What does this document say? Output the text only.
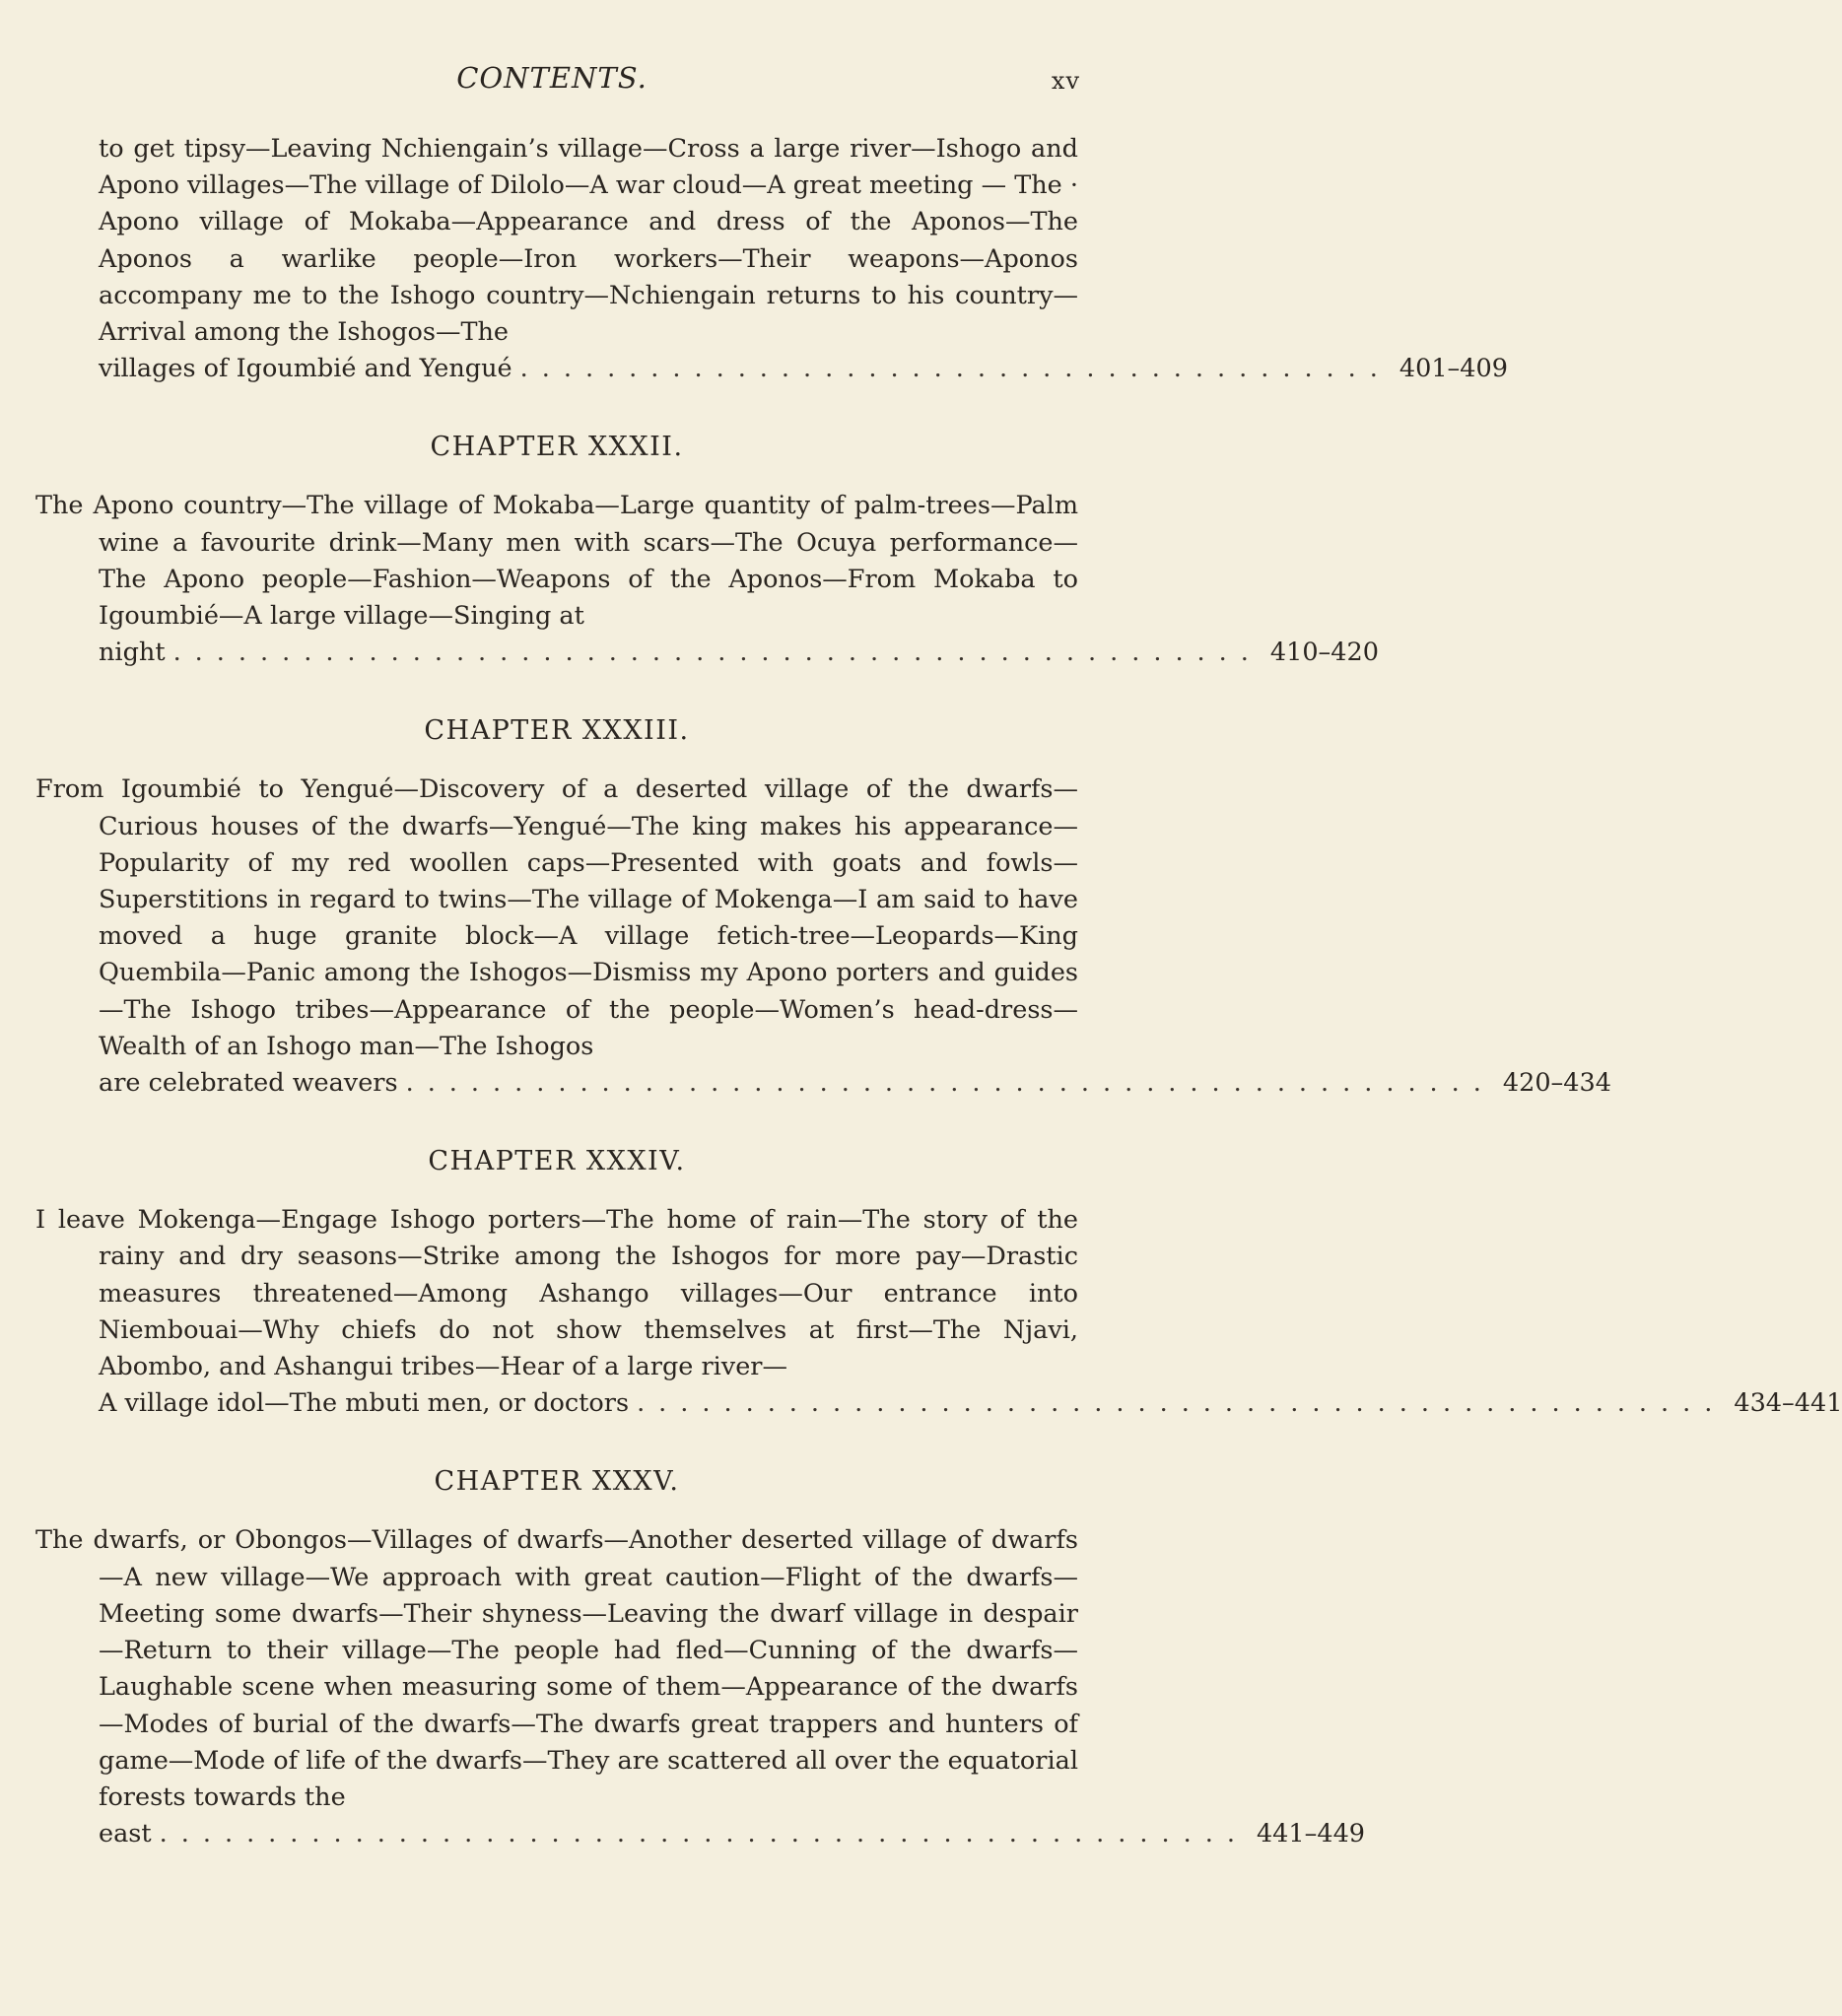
CONTENTS.	xv

to get tipsy—Leaving Nchiengain’s village—Cross a large river—Ishogo and Apono villages—The village of Dilolo—A war cloud—A great meeting — The · Apono village of Mokaba—Appearance and dress of the Aponos—The Aponos a warlike people—Iron workers—Their weapons—Aponos accompany me to the Ishogo country—Nchiengain returns to his country—Arrival among the Ishogos—The

villages of Igoumbié and Yengué ........................................ 401–409
CHAPTER XXXII.

The Apono country—The village of Mokaba—Large quantity of palm-trees—Palm wine a favourite drink—Many men with scars—The Ocuya performance—The Apono people—Fashion—Weapons of the Aponos—From Mokaba to Igoumbié—A large village—Singing at

night .................................................. 410–420
CHAPTER XXXIII.

From Igoumbié to Yengué—Discovery of a deserted village of the dwarfs—Curious houses of the dwarfs—Yengué—The king makes his appearance—Popularity of my red woollen caps—Presented with goats and fowls—Superstitions in regard to twins—The village of Mokenga—I am said to have moved a huge granite block—A village fetich-tree—Leopards—King Quembila—Panic among the Ishogos—Dismiss my Apono porters and guides—The Ishogo tribes—Appearance of the people—Women’s head-dress—Wealth of an Ishogo man—The Ishogos

are celebrated weavers .................................................. 420–434
CHAPTER XXXIV.

I leave Mokenga—Engage Ishogo porters—The home of rain—The story of the rainy and dry seasons—Strike among the Ishogos for more pay—Drastic measures threatened—Among Ashango villages—Our entrance into Niembouai—Why chiefs do not show themselves at first—The Njavi, Abombo, and Ashangui tribes—Hear of a large river—

A village idol—The mbuti men, or doctors .................................................. 434–441
CHAPTER XXXV.

The dwarfs, or Obongos—Villages of dwarfs—Another deserted village of dwarfs—A new village—We approach with great caution—Flight of the dwarfs—Meeting some dwarfs—Their shyness—Leaving the dwarf village in despair—Return to their village—The people had fled—Cunning of the dwarfs—Laughable scene when measuring some of them—Appearance of the dwarfs—Modes of burial of the dwarfs—The dwarfs great trappers and hunters of game—Mode of life of the dwarfs—They are scattered all over the equatorial forests towards the

east .................................................. 441–449
